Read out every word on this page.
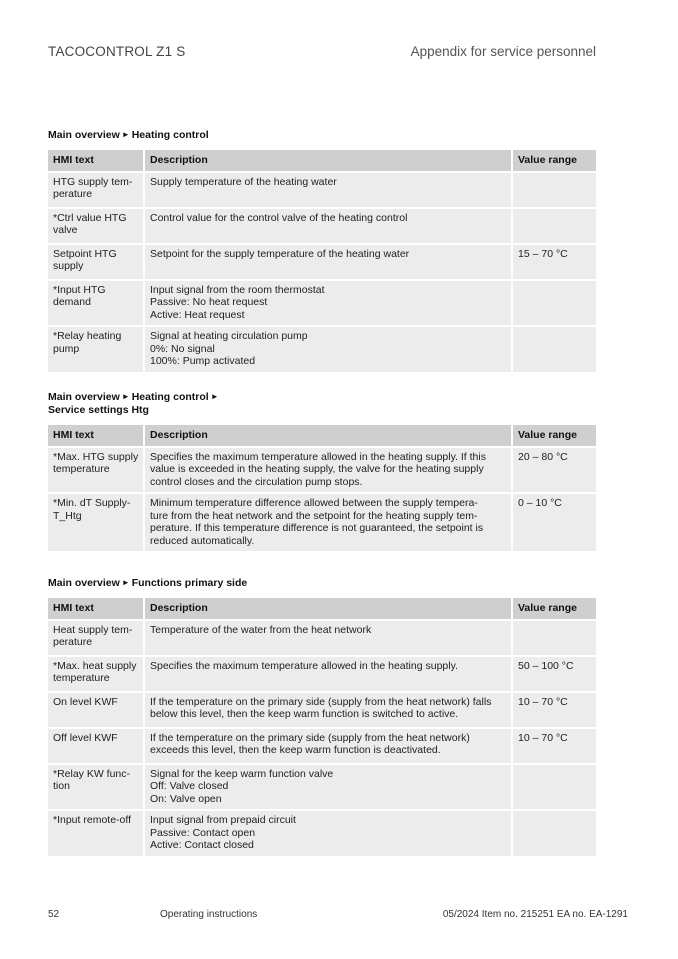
TACOCONTROL Z1 S	Appendix for service personnel
Main overview ► Heating control
HMI text	Description	Value range
HTG supply tem-
perature	Supply temperature of the heating water	
*Ctrl value HTG
valve	Control value for the control valve of the heating control	
Setpoint HTG
supply	Setpoint for the supply temperature of the heating water	15 – 70 °C
*Input HTG
demand	Input signal from the room thermostat
Passive: No heat request
Active: Heat request	
*Relay heating
pump	Signal at heating circulation pump
0%: No signal
100%: Pump activated	
Main overview ► Heating control ►
Service settings Htg
HMI text	Description	Value range
*Max. HTG supply
temperature	Specifies the maximum temperature allowed in the heating supply. If this
value is exceeded in the heating supply, the valve for the heating supply
control closes and the circulation pump stops.	20 – 80 °C
*Min. dT Supply-
T_Htg	Minimum temperature difference allowed between the supply tempera-
ture from the heat network and the setpoint for the heating supply tem-
perature. If this temperature difference is not guaranteed, the setpoint is
reduced automatically.	0 – 10 °C
Main overview ► Functions primary side
HMI text	Description	Value range
Heat supply tem-
perature	Temperature of the water from the heat network	
*Max. heat supply
temperature	Specifies the maximum temperature allowed in the heating supply.	50 – 100 °C
On level KWF	If the temperature on the primary side (supply from the heat network) falls
below this level, then the keep warm function is switched to active.	10 – 70 °C
Off level KWF	If the temperature on the primary side (supply from the heat network)
exceeds this level, then the keep warm function is deactivated.	10 – 70 °C
*Relay KW func-
tion	Signal for the keep warm function valve
Off: Valve closed
On: Valve open	
*Input remote-off	Input signal from prepaid circuit
Passive: Contact open
Active: Contact closed	
52	Operating instructions	05/2024 Item no. 215251 EA no. EA-1291
